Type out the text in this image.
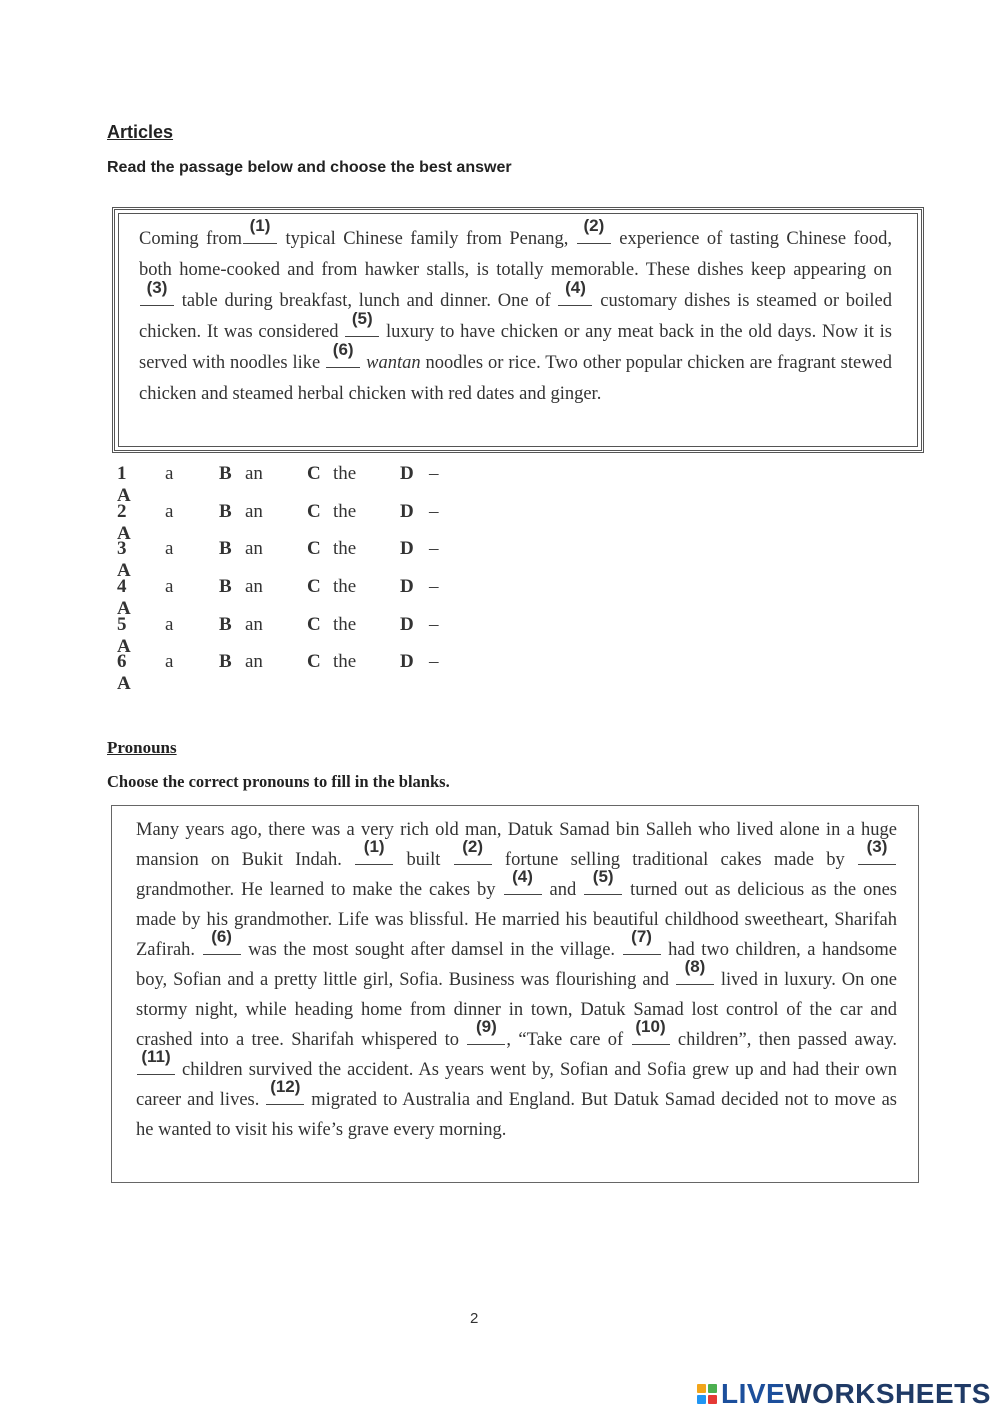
Articles
Read the passage below and choose the best answer
Coming from
(1)
typical Chinese family from Penang,
(2)
experience of tasting Chinese food, both home-cooked and from hawker stalls, is totally memorable. These dishes keep appearing on
(3)
table during breakfast, lunch and dinner. One of
(4)
customary dishes is steamed or boiled chicken. It was considered
(5)
luxury to have chicken or any meat back in the old days. Now it is served with noodles like
(6)
wantan noodles or rice. Two other popular chicken are fragrant stewed chicken and steamed herbal chicken with red dates and ginger.
1 A
a B an C the D –
2 A
a B an C the D –
3 A
a B an C the D –
4 A
a B an C the D –
5 A
a B an C the D –
6 A
a B an C the D –
Pronouns
Choose the correct pronouns to fill in the blanks.
Many years ago, there was a very rich old man, Datuk Samad bin Salleh who lived alone in a huge mansion on Bukit Indah.
(1)
built
(2)
fortune selling traditional cakes made by
(3)
grandmother. He learned to make the cakes by
(4)
and
(5)
turned out as delicious as the ones made by his grandmother. Life was blissful. He married his beautiful childhood sweetheart, Sharifah Zafirah.
(6)
was the most sought after damsel in the village.
(7)
had two children, a handsome boy, Sofian and a pretty little girl, Sofia. Business was flourishing and
(8)
lived in luxury. On one stormy night, while heading home from dinner in town, Datuk Samad lost control of the car and crashed into a tree. Sharifah whispered to
(9)
, “Take care of
(10)
children”, then passed away.
(11)
children survived the accident. As years went by, Sofian and Sofia grew up and had their own career and lives.
(12)
migrated to Australia and England. But Datuk Samad decided not to move as he wanted to visit his wife’s grave every morning.
2
LIVEWORKSHEETS
